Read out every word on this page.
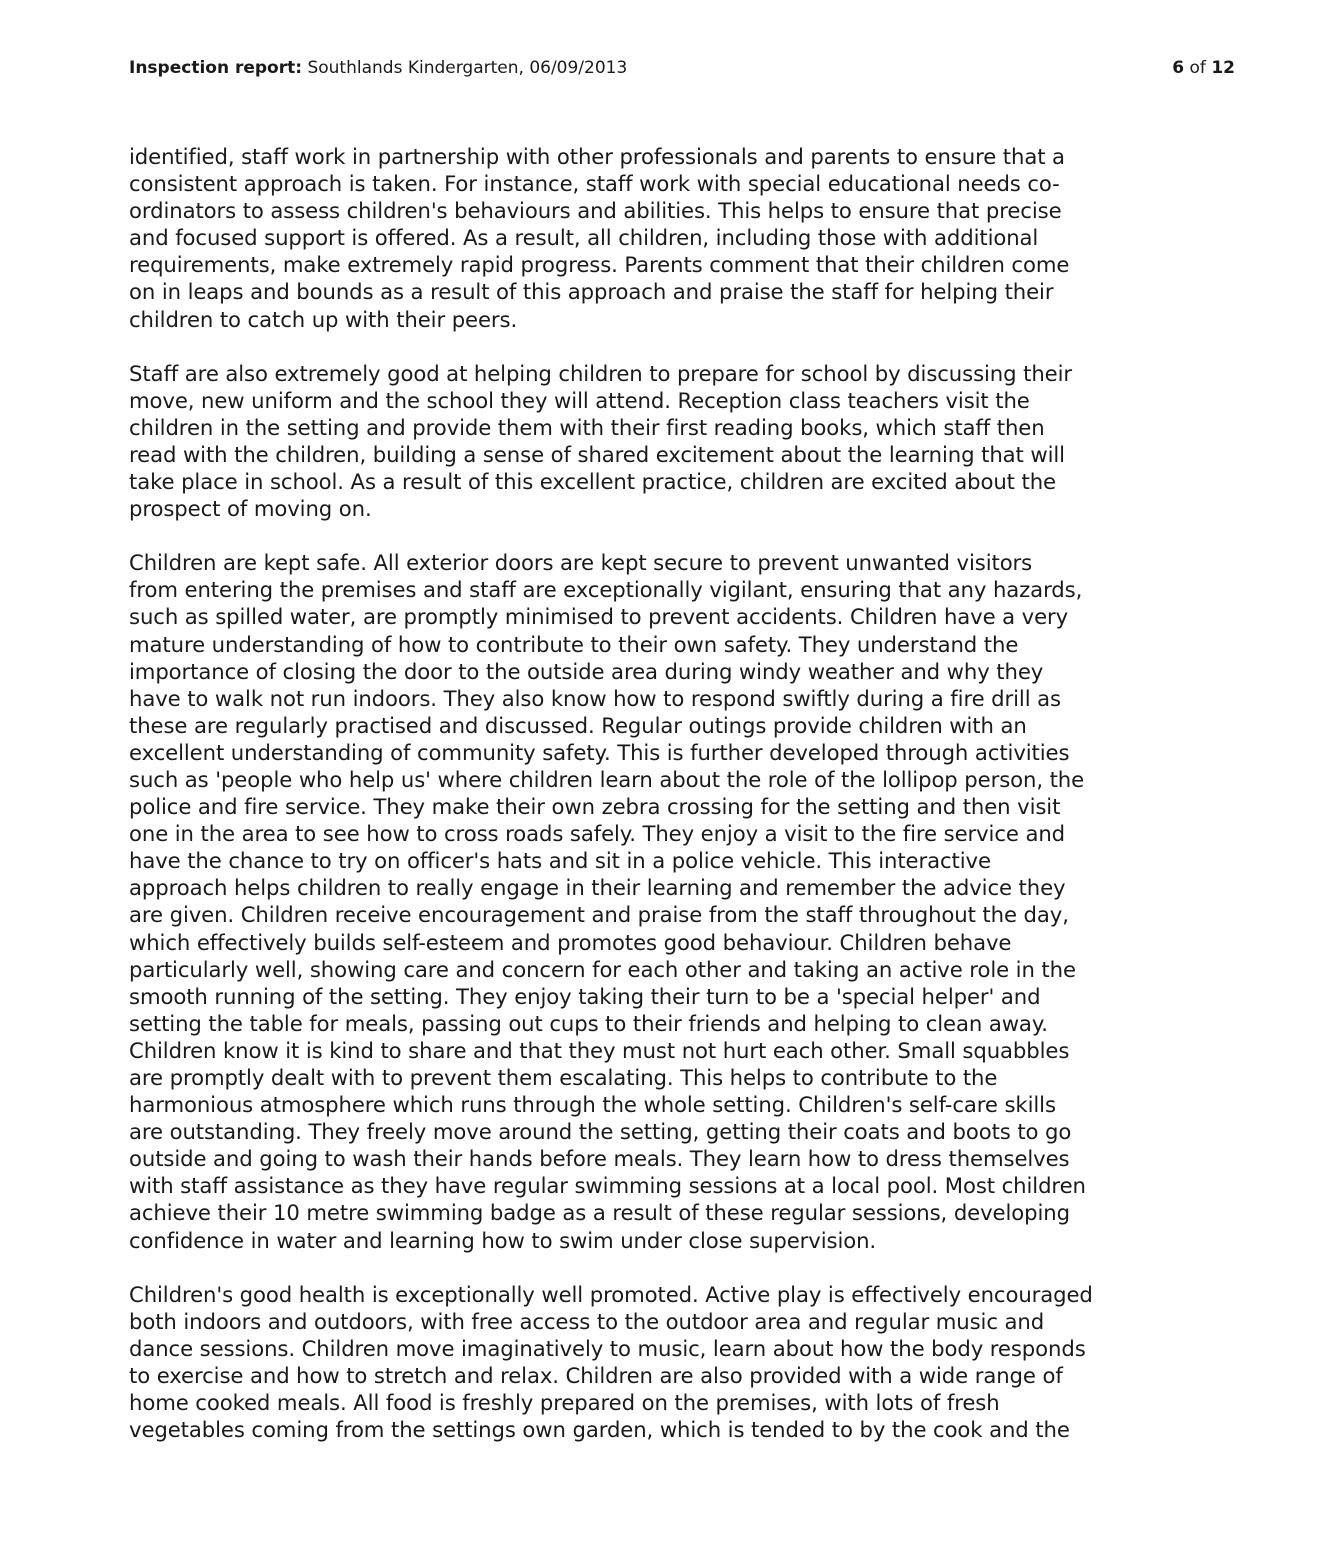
Inspection report: Southlands Kindergarten, 06/09/2013	6 of 12
identified, staff work in partnership with other professionals and parents to ensure that a
consistent approach is taken. For instance, staff work with special educational needs co-
ordinators to assess children's behaviours and abilities. This helps to ensure that precise
and focused support is offered. As a result, all children, including those with additional
requirements, make extremely rapid progress. Parents comment that their children come
on in leaps and bounds as a result of this approach and praise the staff for helping their
children to catch up with their peers.
Staff are also extremely good at helping children to prepare for school by discussing their
move, new uniform and the school they will attend. Reception class teachers visit the
children in the setting and provide them with their first reading books, which staff then
read with the children, building a sense of shared excitement about the learning that will
take place in school. As a result of this excellent practice, children are excited about the
prospect of moving on.
Children are kept safe. All exterior doors are kept secure to prevent unwanted visitors
from entering the premises and staff are exceptionally vigilant, ensuring that any hazards,
such as spilled water, are promptly minimised to prevent accidents. Children have a very
mature understanding of how to contribute to their own safety. They understand the
importance of closing the door to the outside area during windy weather and why they
have to walk not run indoors. They also know how to respond swiftly during a fire drill as
these are regularly practised and discussed. Regular outings provide children with an
excellent understanding of community safety. This is further developed through activities
such as 'people who help us' where children learn about the role of the lollipop person, the
police and fire service. They make their own zebra crossing for the setting and then visit
one in the area to see how to cross roads safely. They enjoy a visit to the fire service and
have the chance to try on officer's hats and sit in a police vehicle. This interactive
approach helps children to really engage in their learning and remember the advice they
are given. Children receive encouragement and praise from the staff throughout the day,
which effectively builds self-esteem and promotes good behaviour. Children behave
particularly well, showing care and concern for each other and taking an active role in the
smooth running of the setting. They enjoy taking their turn to be a 'special helper' and
setting the table for meals, passing out cups to their friends and helping to clean away.
Children know it is kind to share and that they must not hurt each other. Small squabbles
are promptly dealt with to prevent them escalating. This helps to contribute to the
harmonious atmosphere which runs through the whole setting. Children's self-care skills
are outstanding. They freely move around the setting, getting their coats and boots to go
outside and going to wash their hands before meals. They learn how to dress themselves
with staff assistance as they have regular swimming sessions at a local pool. Most children
achieve their 10 metre swimming badge as a result of these regular sessions, developing
confidence in water and learning how to swim under close supervision.
Children's good health is exceptionally well promoted. Active play is effectively encouraged
both indoors and outdoors, with free access to the outdoor area and regular music and
dance sessions. Children move imaginatively to music, learn about how the body responds
to exercise and how to stretch and relax. Children are also provided with a wide range of
home cooked meals. All food is freshly prepared on the premises, with lots of fresh
vegetables coming from the settings own garden, which is tended to by the cook and the
